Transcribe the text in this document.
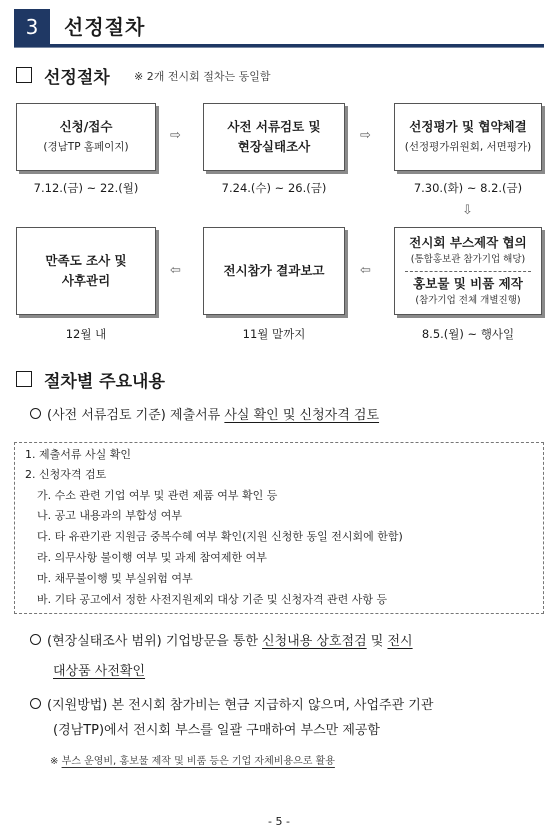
3	선정절차
선정절차 ※ 2개 전시회 절차는 동일함
신청/접수
(경남TP 홈페이지)
⇨
사전 서류검토 및
현장실태조사
⇨
선정평가 및 협약체결
(선정평가위원회, 서면평가)
7.12.(금) ~ 22.(월)	7.24.(수) ~ 26.(금)	7.30.(화) ~ 8.2.(금)
⇩
만족도 조사 및
사후관리
⇦	전시참가 결과보고	⇦
전시회 부스제작 협의
(통합홍보관 참가기업 해당)
홍보물 및 비품 제작
(참가기업 전체 개별진행)
12월 내	11월 말까지	8.5.(월) ~ 행사일
절차별 주요내용
(사전 서류검토 기준) 제출서류 사실 확인 및 신청자격 검토
1. 제출서류 사실 확인
2. 신청자격 검토
가. 수소 관련 기업 여부 및 관련 제품 여부 확인 등
나. 공고 내용과의 부합성 여부
다. 타 유관기관 지원금 중복수혜 여부 확인(지원 신청한 동일 전시회에 한함)
라. 의무사항 불이행 여부 및 과제 참여제한 여부
마. 채무불이행 및 부실위험 여부
바. 기타 공고에서 정한 사전지원제외 대상 기준 및 신청자격 관련 사항 등
(현장실태조사 범위) 기업방문을 통한 신청내용 상호점검 및 전시
대상품 사전확인
(지원방법) 본 전시회 참가비는 현금 지급하지 않으며, 사업주관 기관
(경남TP)에서 전시회 부스를 일괄 구매하여 부스만 제공함
※ 부스 운영비, 홍보물 제작 및 비품 등은 기업 자체비용으로 활용
- 5 -
